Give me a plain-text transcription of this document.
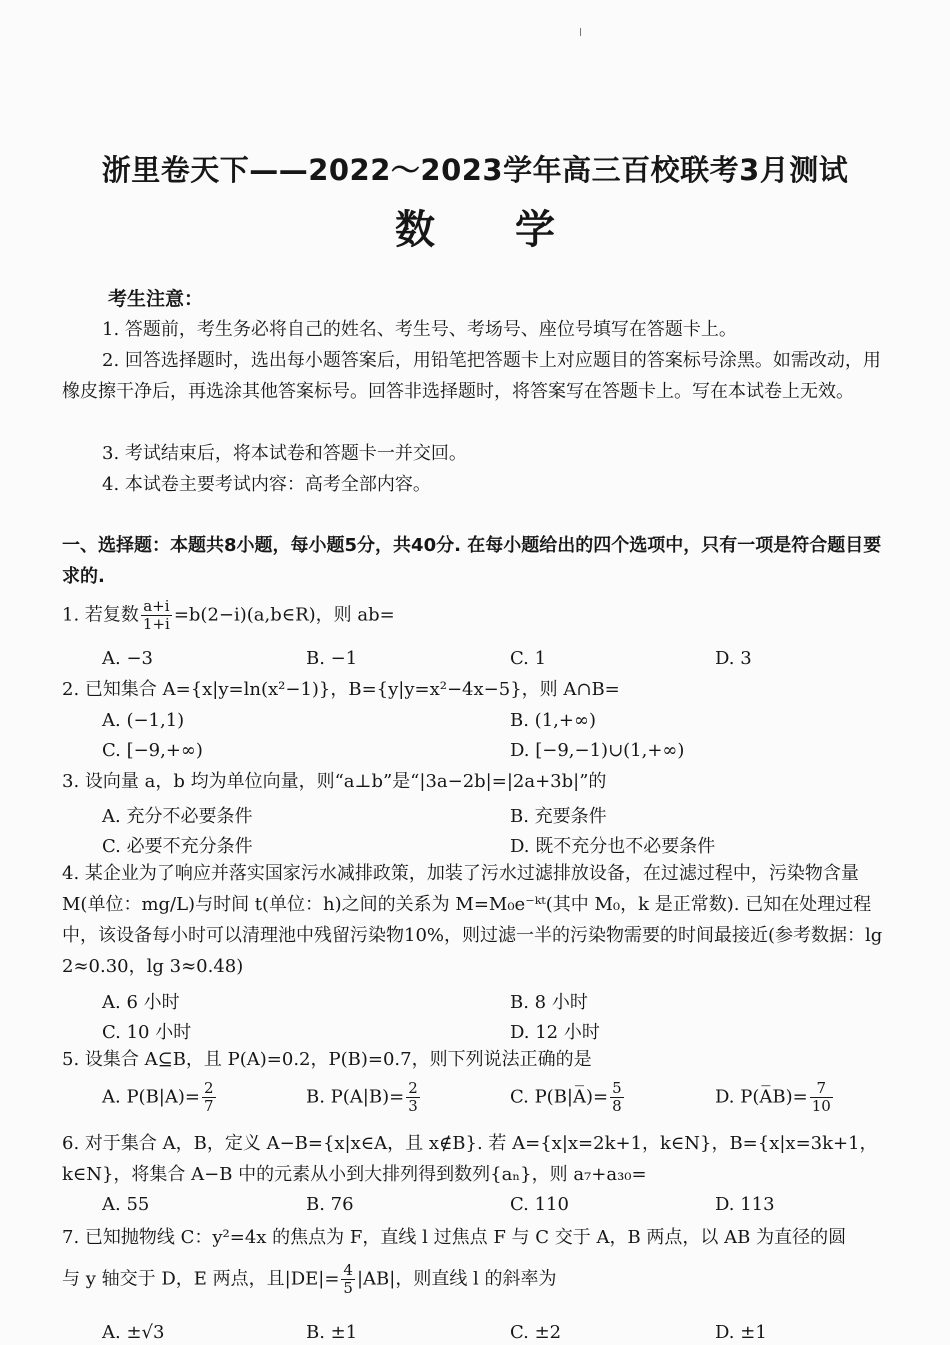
浙里卷天下——2022～2023学年高三百校联考3月测试
数学
考生注意：
1. 答题前，考生务必将自己的姓名、考生号、考场号、座位号填写在答题卡上。
2. 回答选择题时，选出每小题答案后，用铅笔把答题卡上对应题目的答案标号涂黑。如需改动，用橡皮擦干净后，再选涂其他答案标号。回答非选择题时，将答案写在答题卡上。写在本试卷上无效。
3. 考试结束后，将本试卷和答题卡一并交回。
4. 本试卷主要考试内容：高考全部内容。
一、选择题：本题共8小题，每小题5分，共40分. 在每小题给出的四个选项中，只有一项是符合题目要求的.
1. 若复数 $\frac{a+i}{1+i}$ =b(2−i)(a,b∈R)，则 ab=
A. −3	B. −1	C. 1	D. 3
2. 已知集合 A={x|y=ln(x²−1)}，B={y|y=x²−4x−5}，则 A∩B=
A. (−1,1)	B. (1,+∞)
C. [−9,+∞)	D. [−9,−1)∪(1,+∞)
3. 设向量 a，b 均为单位向量，则“a⊥b”是“|3a−2b|=|2a+3b|”的
A. 充分不必要条件	B. 充要条件
C. 必要不充分条件	D. 既不充分也不必要条件
4. 某企业为了响应并落实国家污水减排政策，加装了污水过滤排放设备，在过滤过程中，污染物含量 M(单位：mg/L)与时间 t(单位：h)之间的关系为 M=M₀e⁻ᵏᵗ(其中 M₀，k 是正常数). 已知在处理过程中，该设备每小时可以清理池中残留污染物10%，则过滤一半的污染物需要的时间最接近(参考数据：lg 2≈0.30，lg 3≈0.48)
A. 6 小时	B. 8 小时
C. 10 小时	D. 12 小时
5. 设集合 A⊆B，且 P(A)=0.2，P(B)=0.7，则下列说法正确的是
A. $P(B|A)= \frac{2}{7}$	B. $P(A|B)= \frac{2}{3}$	C. P(B|A̅)= $\frac{5}{8}$	D. P(A̅B)= $\frac{7}{10}$
6. 对于集合 A，B，定义 A−B={x|x∈A，且 x∉B}. 若 A={x|x=2k+1，k∈N}，B={x|x=3k+1，k∈N}，将集合 A−B 中的元素从小到大排列得到数列{aₙ}，则 a₇+a₃₀=
A. 55	B. 76	C. 110	D. 113
7. 已知抛物线 C：y²=4x 的焦点为 F，直线 l 过焦点 F 与 C 交于 A，B 两点，以 AB 为直径的圆
与 y 轴交于 D，E 两点，且$|DE|= \frac{4}{5} |AB|$，则直线 l 的斜率为
A. ±√3	B. ±1	C. ±2	D. ±1
